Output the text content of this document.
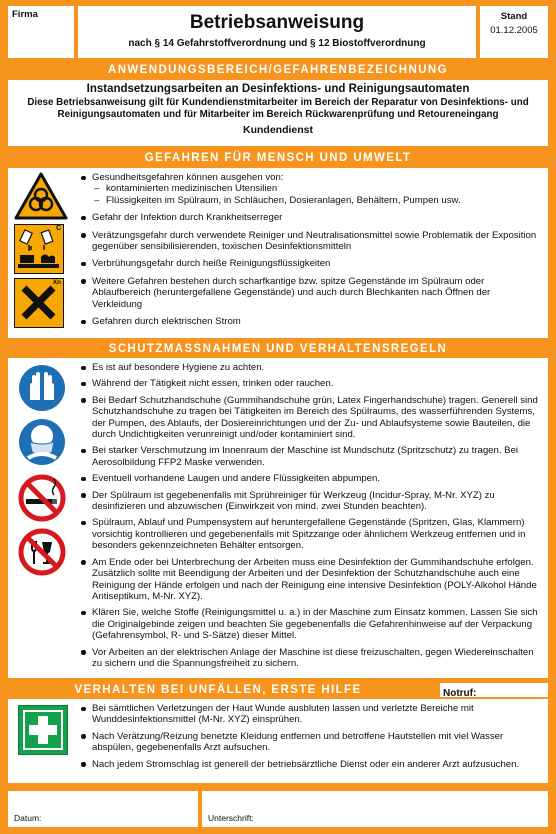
Firma	Betriebsanweisung
nach § 14 Gefahrstoffverordnung und § 12 Biostoffverordnung
Stand
01.12.2005
ANWENDUNGSBEREICH/GEFAHRENBEZEICHNUNG
Instandsetzungsarbeiten an Desinfektions- und Reinigungsautomaten
Diese Betriebsanweisung gilt für Kundendienstmitarbeiter im Bereich der Reparatur von Desinfektions- und Reinigungsautomaten und für Mitarbeiter im Bereich Rückwarenprüfung und Retoureneingang
Kundendienst
GEFAHREN FÜR MENSCH UND UMWELT
C
Xn
Gesundheitsgefahren können ausgehen von:
– kontaminierten medizinischen Utensilien
– Flüssigkeiten im Spülraum, in Schläuchen, Dosieranlagen, Behältern, Pumpen usw.
Gefahr der Infektion durch Krankheitserreger
Verätzungsgefahr durch verwendete Reiniger und Neutralisationsmittel sowie Problematik der Exposition gegenüber sensibilisierenden, toxischen Desinfektionsmitteln
Verbrühungsgefahr durch heiße Reinigungsflüssigkeiten
Weitere Gefahren bestehen durch scharfkantige bzw. spitze Gegenstände im Spülraum oder Ablaufbereich (heruntergefallene Gegenstände) und auch durch Blechkanten nach Öffnen der Verkleidung
Gefahren durch elektrischen Strom
SCHUTZMASSNAHMEN UND VERHALTENSREGELN
Es ist auf besondere Hygiene zu achten.
Während der Tätigkeit nicht essen, trinken oder rauchen.
Bei Bedarf Schutzhandschuhe (Gummihandschuhe grün, Latex Fingerhandschuhe) tragen. Generell sind Schutzhandschuhe zu tragen bei Tätigkeiten im Bereich des Spülraums, des wasserführenden Systems, der Pumpen, des Ablaufs, der Dosiereinrichtungen und der Zu- und Ablaufsysteme sowie Bauteilen, die durch Undichtigkeiten verunreinigt und/oder kontaminiert sind.
Bei starker Verschmutzung im Innenraum der Maschine ist Mundschutz (Spritzschutz) zu tragen. Bei Aerosolbildung FFP2 Maske verwenden.
Eventuell vorhandene Laugen und andere Flüssigkeiten abpumpen.
Der Spülraum ist gegebenenfalls mit Sprühreiniger für Werkzeug (Incidur-Spray, M-Nr. XYZ) zu desinfizieren und abzuwischen (Einwirkzeit von mind. zwei Stunden beachten).
Spülraum, Ablauf und Pumpensystem auf heruntergefallene Gegenstände (Spritzen, Glas, Klammern) vorsichtig kontrollieren und gegebenenfalls mit Spitzzange oder ähnlichem Werkzeug entfernen und in besonders gekennzeichneten Behälter entsorgen.
Am Ende oder bei Unterbrechung der Arbeiten muss eine Desinfektion der Gummihandschuhe erfolgen. Zusätzlich sollte mit Beendigung der Arbeiten und der Desinfektion der Schutzhandschuhe auch eine Reinigung der Hände erfolgen und nach der Reinigung eine intensive Desinfektion (POLY-Alkohol Hände Antiseptikum, M-Nr. XYZ).
Klären Sie, welche Stoffe (Reinigungsmittel u. a.) in der Maschine zum Einsatz kommen. Lassen Sie sich die Originalgebinde zeigen und beachten Sie gegebenenfalls die Gefahrenhinweise auf der Verpackung (Gefahrensymbol, R- und S-Sätze) dieser Mittel.
Vor Arbeiten an der elektrischen Anlage der Maschine ist diese freizuschalten, gegen Wiedereinschalten zu sichern und die Spannungsfreiheit zu sichern.
VERHALTEN BEI UNFÄLLEN, ERSTE HILFE	Notruf:
Bei sämtlichen Verletzungen der Haut Wunde ausbluten lassen und verletzte Bereiche mit Wunddesinfektionsmittel (M-Nr. XYZ) einsprühen.
Nach Verätzung/Reizung benetzte Kleidung entfernen und betroffene Hautstellen mit viel Wasser abspülen, gegebenenfalls Arzt aufsuchen.
Nach jedem Stromschlag ist generell der betriebsärztliche Dienst oder ein anderer Arzt aufzusuchen.
Datum:	Unterschrift:
